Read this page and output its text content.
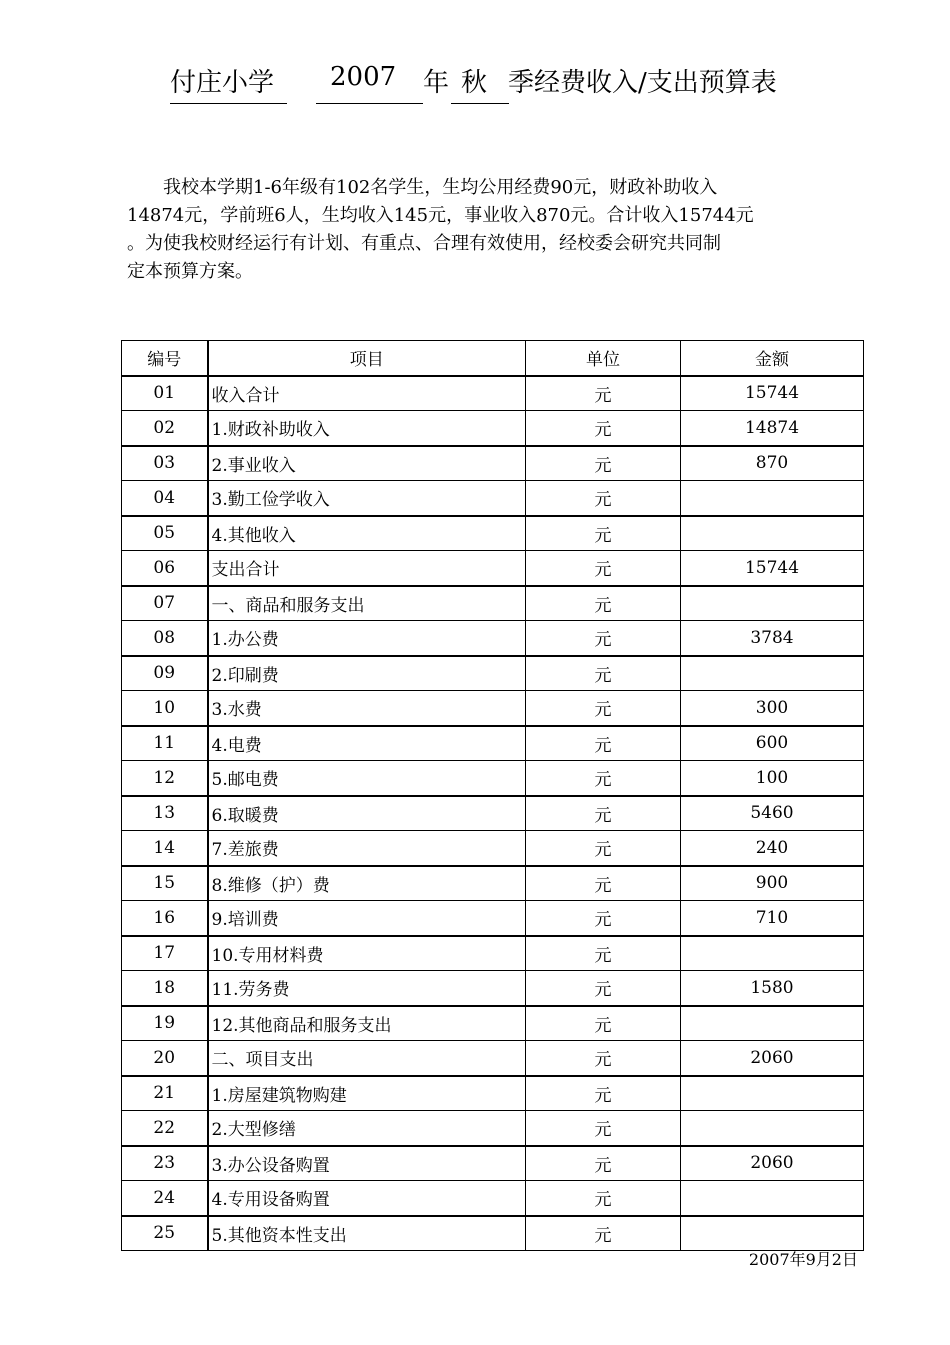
付庄小学 2007 年 秋 季经费收入/支出预算表

我校本学期1-6年级有102名学生，生均公用经费90元，财政补助收入

14874元，学前班6人，生均收入145元，事业收入870元。合计收入15744元

。为使我校财经运行有计划、有重点、合理有效使用，经校委会研究共同制

定本预算方案。

编号	项目	单位	金额
01	收入合计	元	15744
02	1.财政补助收入	元	14874
03	2.事业收入	元	870
04	3.勤工俭学收入	元	
05	4.其他收入	元	
06	支出合计	元	15744
07	一、商品和服务支出	元	
08	1.办公费	元	3784
09	2.印刷费	元	
10	3.水费	元	300
11	4.电费	元	600
12	5.邮电费	元	100
13	6.取暖费	元	5460
14	7.差旅费	元	240
15	8.维修（护）费	元	900
16	9.培训费	元	710
17	10.专用材料费	元	
18	11.劳务费	元	1580
19	12.其他商品和服务支出	元	
20	二、项目支出	元	2060
21	1.房屋建筑物购建	元	
22	2.大型修缮	元	
23	3.办公设备购置	元	2060
24	4.专用设备购置	元	
25	5.其他资本性支出	元	
2007年9月2日
